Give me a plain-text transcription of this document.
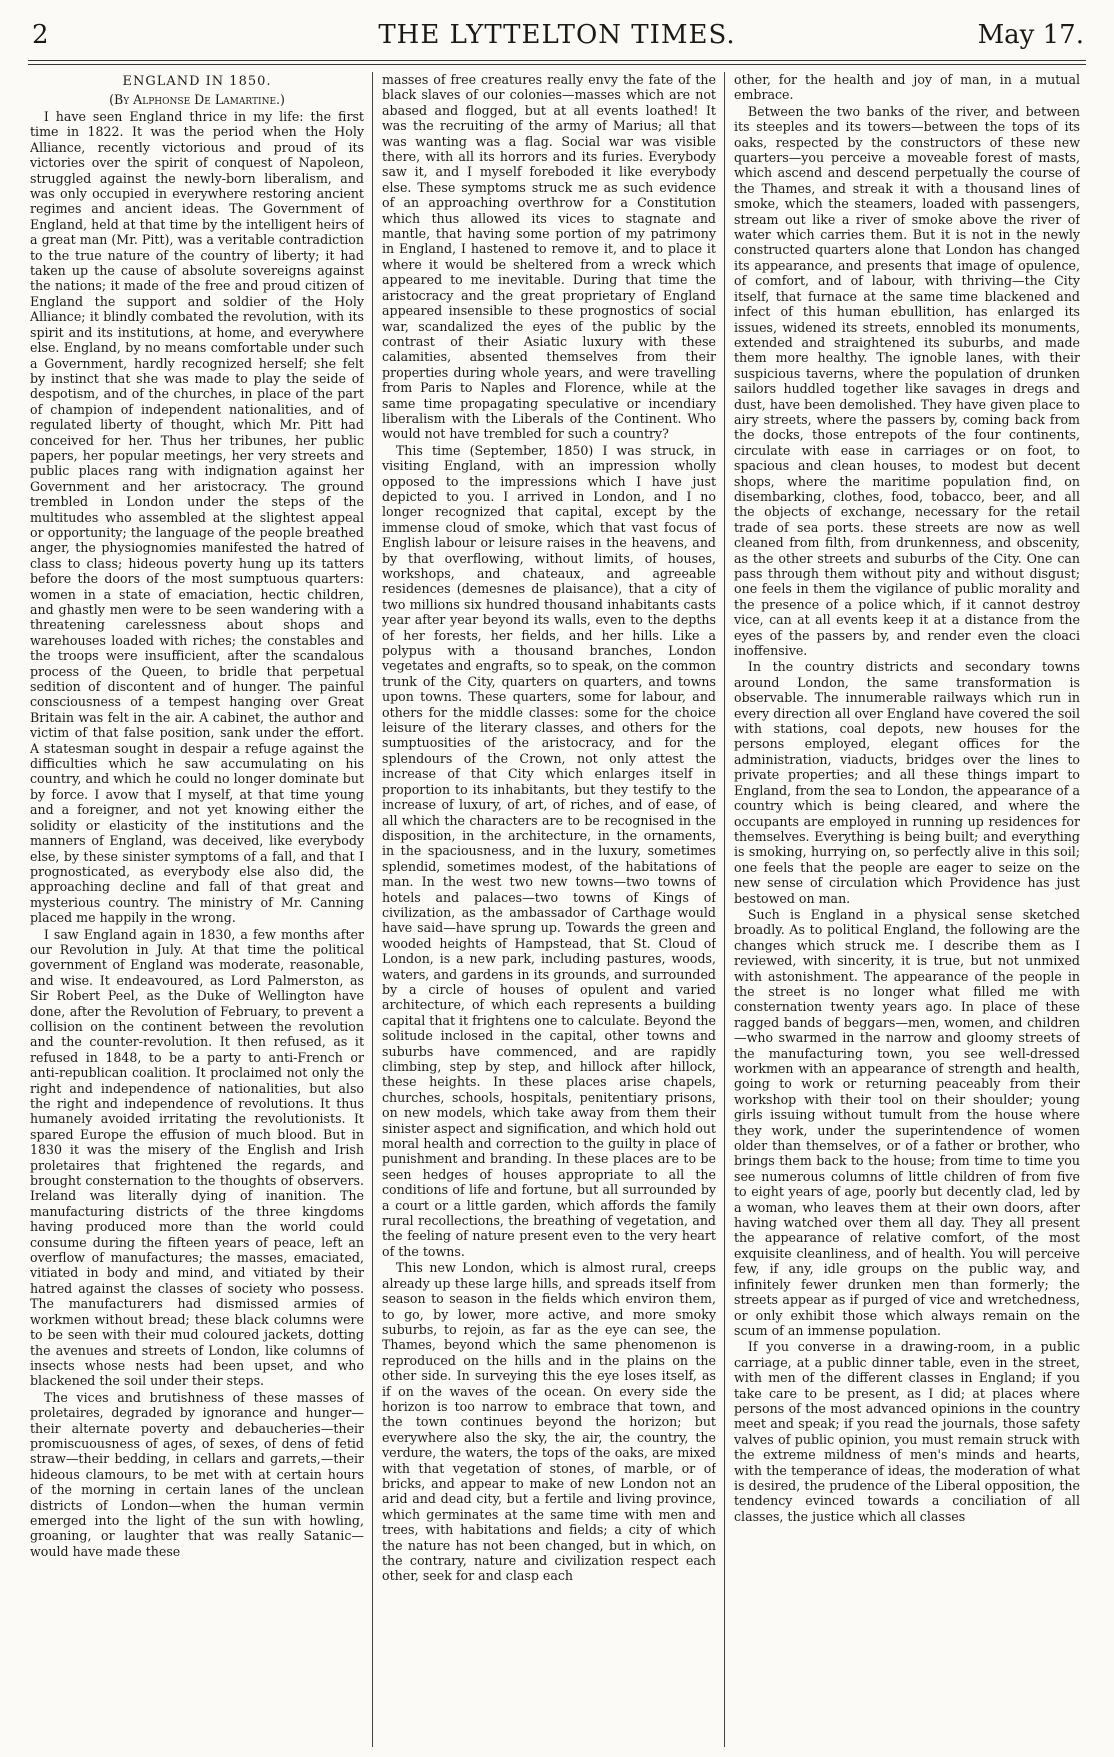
2	THE LYTTELTON TIMES.	May 17.
ENGLAND IN 1850.
(By Alphonse De Lamartine.)

I have seen England thrice in my life: the first time in 1822. It was the period when the Holy Alliance, recently victorious and proud of its victories over the spirit of conquest of Napoleon, struggled against the newly-born liberalism, and was only occupied in everywhere restoring ancient regimes and ancient ideas. The Government of England, held at that time by the intelligent heirs of a great man (Mr. Pitt), was a veritable contradiction to the true nature of the country of liberty; it had taken up the cause of absolute sovereigns against the nations; it made of the free and proud citizen of England the support and soldier of the Holy Alliance; it blindly combated the revolution, with its spirit and its institutions, at home, and everywhere else. England, by no means comfortable under such a Government, hardly recognized herself; she felt by instinct that she was made to play the seide of despotism, and of the churches, in place of the part of champion of independent nationalities, and of regulated liberty of thought, which Mr. Pitt had conceived for her. Thus her tribunes, her public papers, her popular meetings, her very streets and public places rang with indignation against her Government and her aristocracy. The ground trembled in London under the steps of the multitudes who assembled at the slightest appeal or opportunity; the language of the people breathed anger, the physiognomies manifested the hatred of class to class; hideous poverty hung up its tatters before the doors of the most sumptuous quarters: women in a state of emaciation, hectic children, and ghastly men were to be seen wandering with a threatening carelessness about shops and warehouses loaded with riches; the constables and the troops were insufficient, after the scandalous process of the Queen, to bridle that perpetual sedition of discontent and of hunger. The painful consciousness of a tempest hanging over Great Britain was felt in the air. A cabinet, the author and victim of that false position, sank under the effort. A statesman sought in despair a refuge against the difficulties which he saw accumulating on his country, and which he could no longer dominate but by force. I avow that I myself, at that time young and a foreigner, and not yet knowing either the solidity or elasticity of the institutions and the manners of England, was deceived, like everybody else, by these sinister symptoms of a fall, and that I prognosticated, as everybody else also did, the approaching decline and fall of that great and mysterious country. The ministry of Mr. Canning placed me happily in the wrong.

I saw England again in 1830, a few months after our Revolution in July. At that time the political government of England was moderate, reasonable, and wise. It endeavoured, as Lord Palmerston, as Sir Robert Peel, as the Duke of Wellington have done, after the Revolution of February, to prevent a collision on the continent between the revolution and the counter-revolution. It then refused, as it refused in 1848, to be a party to anti-French or anti-republican coalition. It proclaimed not only the right and independence of nationalities, but also the right and independence of revolutions. It thus humanely avoided irritating the revolutionists. It spared Europe the effusion of much blood. But in 1830 it was the misery of the English and Irish proletaires that frightened the regards, and brought consternation to the thoughts of observers. Ireland was literally dying of inanition. The manufacturing districts of the three kingdoms having produced more than the world could consume during the fifteen years of peace, left an overflow of manufactures; the masses, emaciated, vitiated in body and mind, and vitiated by their hatred against the classes of society who possess. The manufacturers had dismissed armies of workmen without bread; these black columns were to be seen with their mud coloured jackets, dotting the avenues and streets of London, like columns of insects whose nests had been upset, and who blackened the soil under their steps.

The vices and brutishness of these masses of proletaires, degraded by ignorance and hunger—their alternate poverty and debaucheries—their promiscuousness of ages, of sexes, of dens of fetid straw—their bedding, in cellars and garrets,—their hideous clamours, to be met with at certain hours of the morning in certain lanes of the unclean districts of London—when the human vermin emerged into the light of the sun with howling, groaning, or laughter that was really Satanic—would have made these

masses of free creatures really envy the fate of the black slaves of our colonies—masses which are not abased and flogged, but at all events loathed! It was the recruiting of the army of Marius; all that was wanting was a flag. Social war was visible there, with all its horrors and its furies. Everybody saw it, and I myself foreboded it like everybody else. These symptoms struck me as such evidence of an approaching overthrow for a Constitution which thus allowed its vices to stagnate and mantle, that having some portion of my patrimony in England, I hastened to remove it, and to place it where it would be sheltered from a wreck which appeared to me inevitable. During that time the aristocracy and the great proprietary of England appeared insensible to these prognostics of social war, scandalized the eyes of the public by the contrast of their Asiatic luxury with these calamities, absented themselves from their properties during whole years, and were travelling from Paris to Naples and Florence, while at the same time propagating speculative or incendiary liberalism with the Liberals of the Continent. Who would not have trembled for such a country?

This time (September, 1850) I was struck, in visiting England, with an impression wholly opposed to the impressions which I have just depicted to you. I arrived in London, and I no longer recognized that capital, except by the immense cloud of smoke, which that vast focus of English labour or leisure raises in the heavens, and by that overflowing, without limits, of houses, workshops, and chateaux, and agreeable residences (demesnes de plaisance), that a city of two millions six hundred thousand inhabitants casts year after year beyond its walls, even to the depths of her forests, her fields, and her hills. Like a polypus with a thousand branches, London vegetates and engrafts, so to speak, on the common trunk of the City, quarters on quarters, and towns upon towns. These quarters, some for labour, and others for the middle classes: some for the choice leisure of the literary classes, and others for the sumptuosities of the aristocracy, and for the splendours of the Crown, not only attest the increase of that City which enlarges itself in proportion to its inhabitants, but they testify to the increase of luxury, of art, of riches, and of ease, of all which the characters are to be recognised in the disposition, in the architecture, in the ornaments, in the spaciousness, and in the luxury, sometimes splendid, sometimes modest, of the habitations of man. In the west two new towns—two towns of hotels and palaces—two towns of Kings of civilization, as the ambassador of Carthage would have said—have sprung up. Towards the green and wooded heights of Hampstead, that St. Cloud of London, is a new park, including pastures, woods, waters, and gardens in its grounds, and surrounded by a circle of houses of opulent and varied architecture, of which each represents a building capital that it frightens one to calculate. Beyond the solitude inclosed in the capital, other towns and suburbs have commenced, and are rapidly climbing, step by step, and hillock after hillock, these heights. In these places arise chapels, churches, schools, hospitals, penitentiary prisons, on new models, which take away from them their sinister aspect and signification, and which hold out moral health and correction to the guilty in place of punishment and branding. In these places are to be seen hedges of houses appropriate to all the conditions of life and fortune, but all surrounded by a court or a little garden, which affords the family rural recollections, the breathing of vegetation, and the feeling of nature present even to the very heart of the towns.

This new London, which is almost rural, creeps already up these large hills, and spreads itself from season to season in the fields which environ them, to go, by lower, more active, and more smoky suburbs, to rejoin, as far as the eye can see, the Thames, beyond which the same phenomenon is reproduced on the hills and in the plains on the other side. In surveying this the eye loses itself, as if on the waves of the ocean. On every side the horizon is too narrow to embrace that town, and the town continues beyond the horizon; but everywhere also the sky, the air, the country, the verdure, the waters, the tops of the oaks, are mixed with that vegetation of stones, of marble, or of bricks, and appear to make of new London not an arid and dead city, but a fertile and living province, which germinates at the same time with men and trees, with habitations and fields; a city of which the nature has not been changed, but in which, on the contrary, nature and civilization respect each other, seek for and clasp each

other, for the health and joy of man, in a mutual embrace.

Between the two banks of the river, and between its steeples and its towers—between the tops of its oaks, respected by the constructors of these new quarters—you perceive a moveable forest of masts, which ascend and descend perpetually the course of the Thames, and streak it with a thousand lines of smoke, which the steamers, loaded with passengers, stream out like a river of smoke above the river of water which carries them. But it is not in the newly constructed quarters alone that London has changed its appearance, and presents that image of opulence, of comfort, and of labour, with thriving—the City itself, that furnace at the same time blackened and infect of this human ebullition, has enlarged its issues, widened its streets, ennobled its monuments, extended and straightened its suburbs, and made them more healthy. The ignoble lanes, with their suspicious taverns, where the population of drunken sailors huddled together like savages in dregs and dust, have been demolished. They have given place to airy streets, where the passers by, coming back from the docks, those entrepots of the four continents, circulate with ease in carriages or on foot, to spacious and clean houses, to modest but decent shops, where the maritime population find, on disembarking, clothes, food, tobacco, beer, and all the objects of exchange, necessary for the retail trade of sea ports. these streets are now as well cleaned from filth, from drunkenness, and obscenity, as the other streets and suburbs of the City. One can pass through them without pity and without disgust; one feels in them the vigilance of public morality and the presence of a police which, if it cannot destroy vice, can at all events keep it at a distance from the eyes of the passers by, and render even the cloaci inoffensive.

In the country districts and secondary towns around London, the same transformation is observable. The innumerable railways which run in every direction all over England have covered the soil with stations, coal depots, new houses for the persons employed, elegant offices for the administration, viaducts, bridges over the lines to private properties; and all these things impart to England, from the sea to London, the appearance of a country which is being cleared, and where the occupants are employed in running up residences for themselves. Everything is being built; and everything is smoking, hurrying on, so perfectly alive in this soil; one feels that the people are eager to seize on the new sense of circulation which Providence has just bestowed on man.

Such is England in a physical sense sketched broadly. As to political England, the following are the changes which struck me. I describe them as I reviewed, with sincerity, it is true, but not unmixed with astonishment. The appearance of the people in the street is no longer what filled me with consternation twenty years ago. In place of these ragged bands of beggars—men, women, and children—who swarmed in the narrow and gloomy streets of the manufacturing town, you see well-dressed workmen with an appearance of strength and health, going to work or returning peaceably from their workshop with their tool on their shoulder; young girls issuing without tumult from the house where they work, under the superintendence of women older than themselves, or of a father or brother, who brings them back to the house; from time to time you see numerous columns of little children of from five to eight years of age, poorly but decently clad, led by a woman, who leaves them at their own doors, after having watched over them all day. They all present the appearance of relative comfort, of the most exquisite cleanliness, and of health. You will perceive few, if any, idle groups on the public way, and infinitely fewer drunken men than formerly; the streets appear as if purged of vice and wretchedness, or only exhibit those which always remain on the scum of an immense population.

If you converse in a drawing-room, in a public carriage, at a public dinner table, even in the street, with men of the different classes in England; if you take care to be present, as I did; at places where persons of the most advanced opinions in the country meet and speak; if you read the journals, those safety valves of public opinion, you must remain struck with the extreme mildness of men's minds and hearts, with the temperance of ideas, the moderation of what is desired, the prudence of the Liberal opposition, the tendency evinced towards a conciliation of all classes, the justice which all classes
